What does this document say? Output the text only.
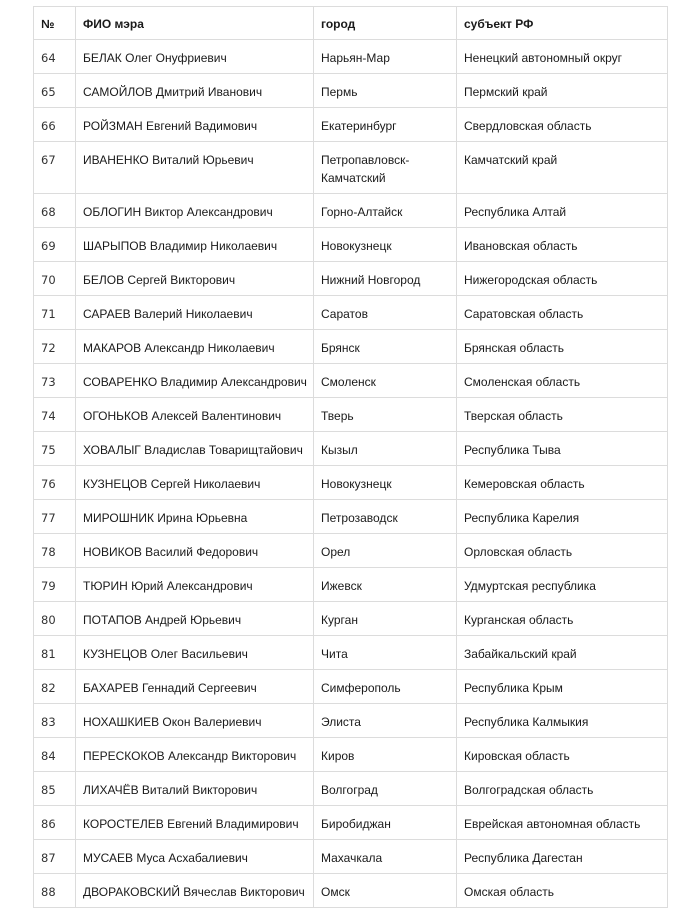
№	ФИО мэра	город	субъект РФ
64	БЕЛАК Олег Онуфриевич	Нарьян-Мар	Ненецкий автономный округ
65	САМОЙЛОВ Дмитрий Иванович	Пермь	Пермский край
66	РОЙЗМАН Евгений Вадимович	Екатеринбург	Свердловская область
67	ИВАНЕНКО Виталий Юрьевич	Петропавловск-Камчатский	Камчатский край
68	ОБЛОГИН Виктор Александрович	Горно-Алтайск	Республика Алтай
69	ШАРЫПОВ Владимир Николаевич	Новокузнецк	Ивановская область
70	БЕЛОВ Сергей Викторович	Нижний Новгород	Нижегородская область
71	САРАЕВ Валерий Николаевич	Саратов	Саратовская область
72	МАКАРОВ Александр Николаевич	Брянск	Брянская область
73	СОВАРЕНКО Владимир Александрович	Смоленск	Смоленская область
74	ОГОНЬКОВ Алексей Валентинович	Тверь	Тверская область
75	ХОВАЛЫГ Владислав Товарищтайович	Кызыл	Республика Тыва
76	КУЗНЕЦОВ Сергей Николаевич	Новокузнецк	Кемеровская область
77	МИРОШНИК Ирина Юрьевна	Петрозаводск	Республика Карелия
78	НОВИКОВ Василий Федорович	Орел	Орловская область
79	ТЮРИН Юрий Александрович	Ижевск	Удмуртская республика
80	ПОТАПОВ Андрей Юрьевич	Курган	Курганская область
81	КУЗНЕЦОВ Олег Васильевич	Чита	Забайкальский край
82	БАХАРЕВ Геннадий Сергеевич	Симферополь	Республика Крым
83	НОХАШКИЕВ Окон Валериевич	Элиста	Республика Калмыкия
84	ПЕРЕСКОКОВ Александр Викторович	Киров	Кировская область
85	ЛИХАЧЁВ Виталий Викторович	Волгоград	Волгоградская область
86	КОРОСТЕЛЕВ Евгений Владимирович	Биробиджан	Еврейская автономная область
87	МУСАЕВ Муса Асхабалиевич	Махачкала	Республика Дагестан
88	ДВОРАКОВСКИЙ Вячеслав Викторович	Омск	Омская область
